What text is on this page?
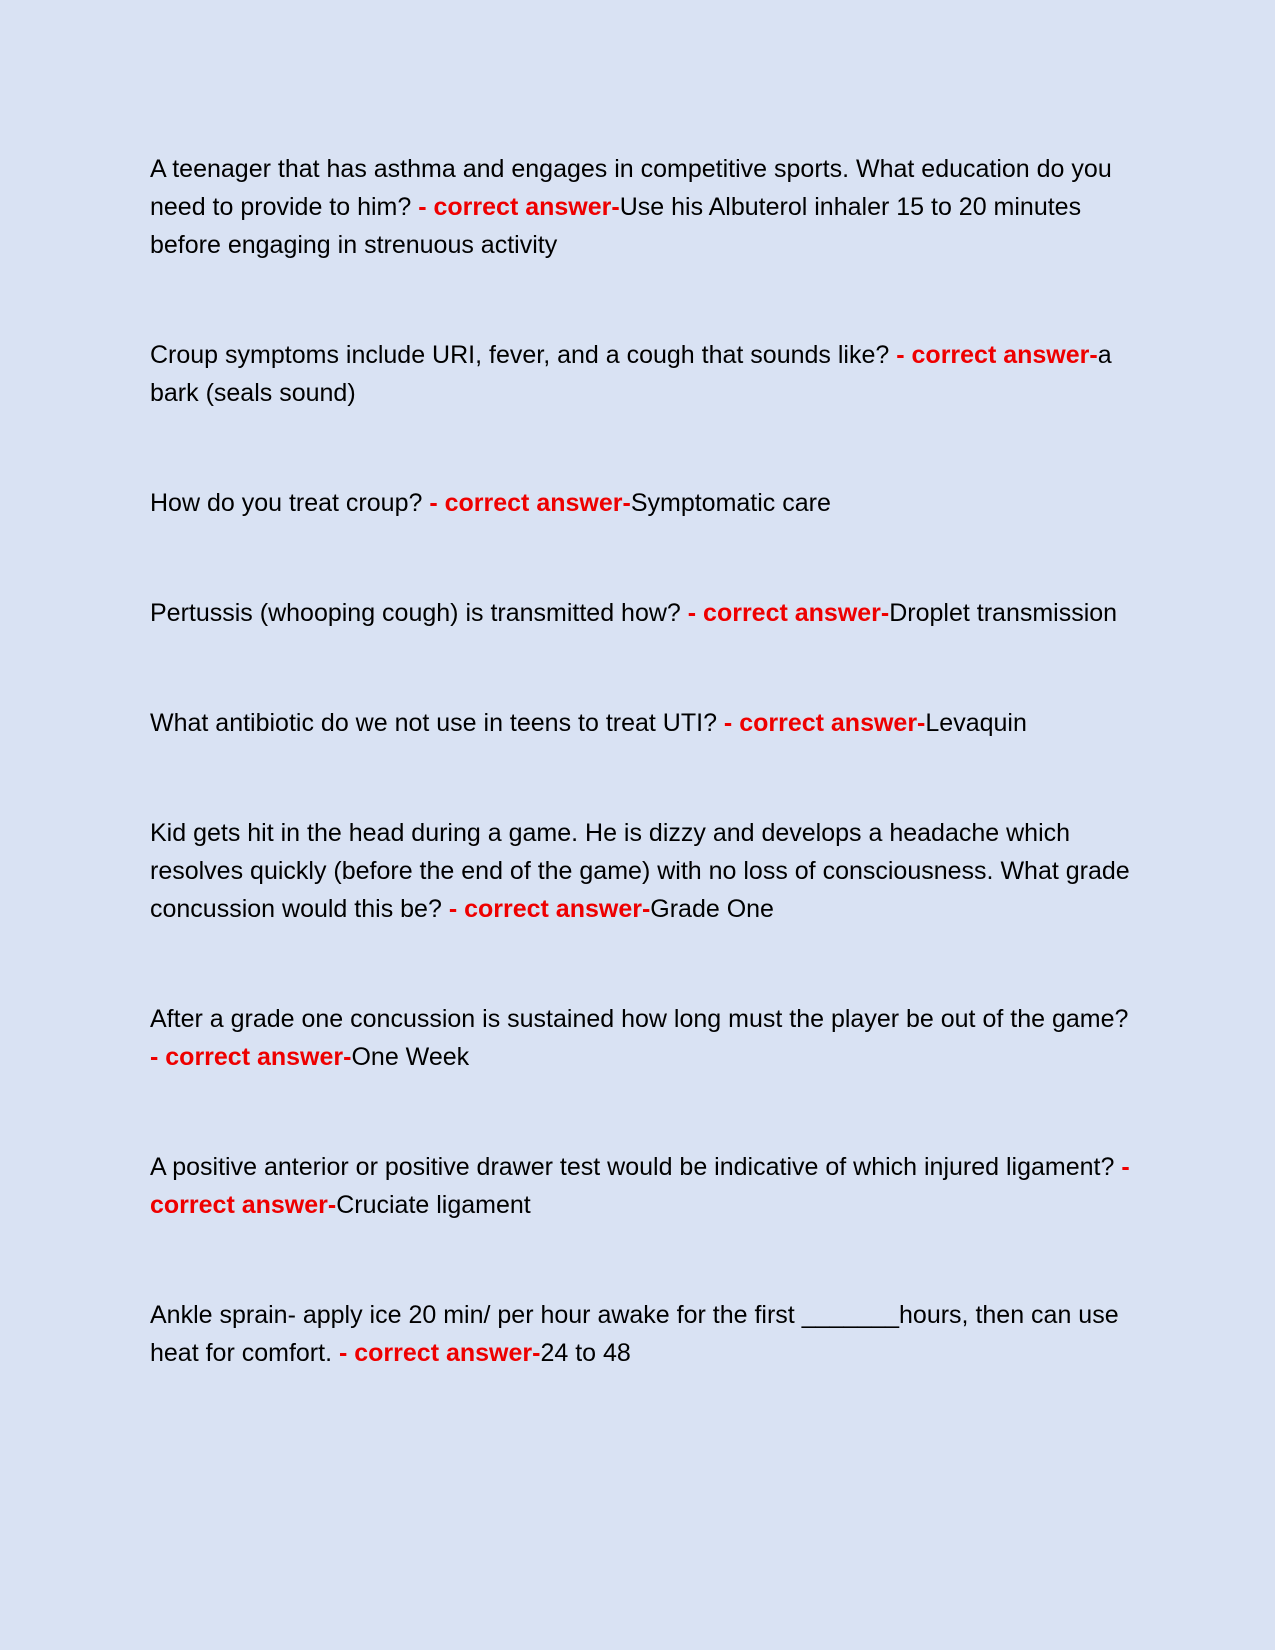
A teenager that has asthma and engages in competitive sports. What education do you need to provide to him? - correct answer-Use his Albuterol inhaler 15 to 20 minutes before engaging in strenuous activity
Croup symptoms include URI, fever, and a cough that sounds like? - correct answer-a bark (seals sound)
How do you treat croup? - correct answer-Symptomatic care
Pertussis (whooping cough) is transmitted how? - correct answer-Droplet transmission
What antibiotic do we not use in teens to treat UTI? - correct answer-Levaquin
Kid gets hit in the head during a game. He is dizzy and develops a headache which resolves quickly (before the end of the game) with no loss of consciousness. What grade concussion would this be? - correct answer-Grade One
After a grade one concussion is sustained how long must the player be out of the game? - correct answer-One Week
A positive anterior or positive drawer test would be indicative of which injured ligament? - correct answer-Cruciate ligament
Ankle sprain- apply ice 20 min/ per hour awake for the first _______hours, then can use heat for comfort. - correct answer-24 to 48
